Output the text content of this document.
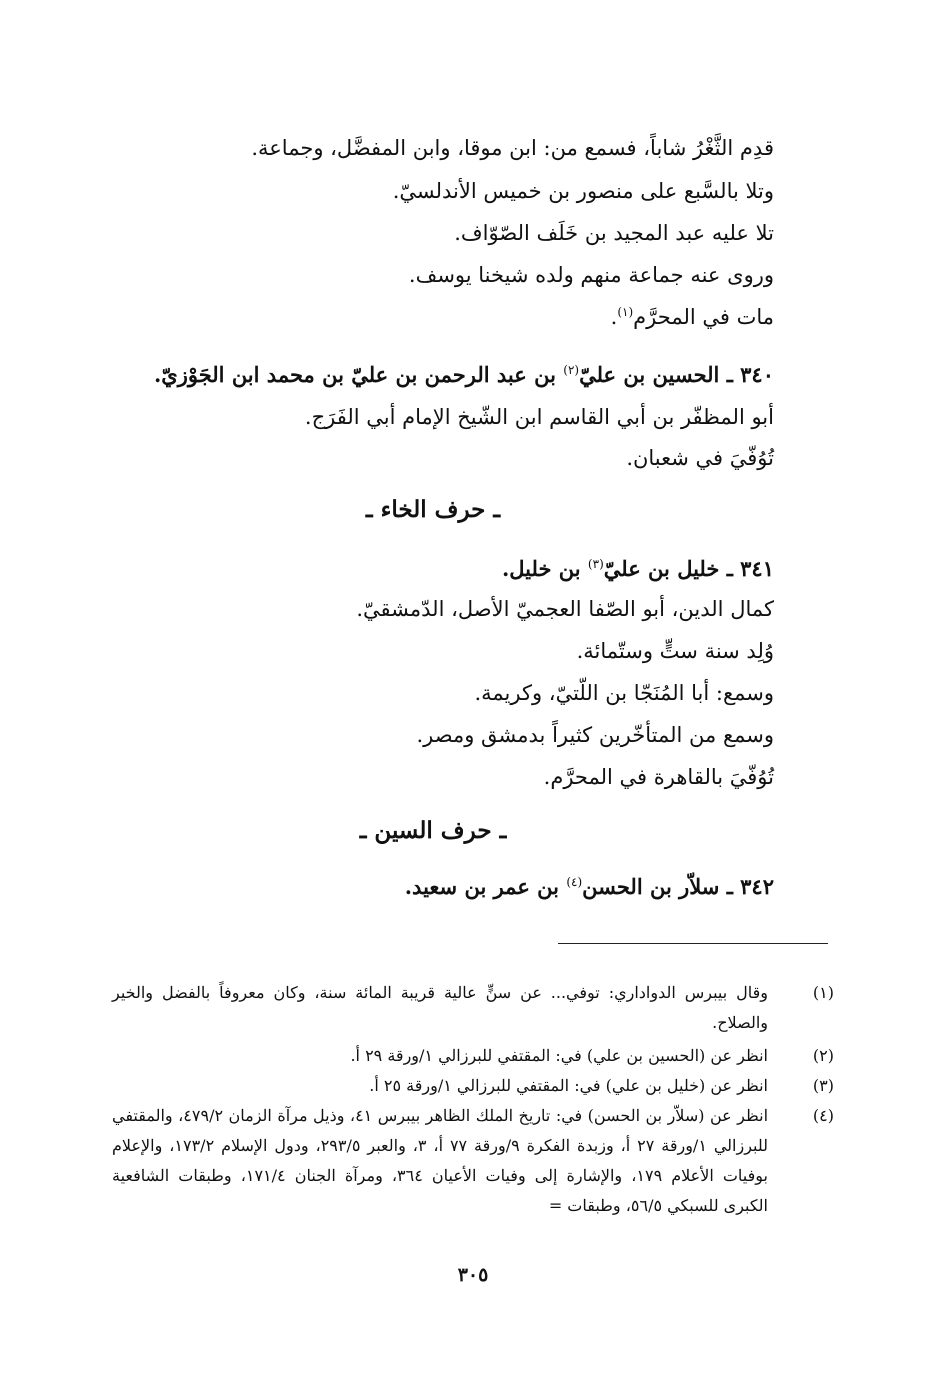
قدِم الثَّغْرُ شاباً، فسمع من: ابن موقا، وابن المفضَّل، وجماعة.

وتلا بالسَّبع على منصور بن خميس الأندلسيّ.

تلا عليه عبد المجيد بن خَلَف الصّوّاف.

وروى عنه جماعة منهم ولده شيخنا يوسف.

مات في المحرَّم$^{(١)}$.

٣٤٠ ـ الحسين بن عليّ$^{(٢)}$ بن عبد الرحمن بن عليّ بن محمد ابن الجَوْزيّ.

أبو المظفّر بن أبي القاسم ابن الشّيخ الإمام أبي الفَرَج.

تُوُفّيَ في شعبان.

ـ حرف الخاء ـ

٣٤١ ـ خليل بن عليّ$^{(٣)}$ بن خليل.

كمال الدين، أبو الصّفا العجميّ الأصل، الدّمشقيّ.

وُلِد سنة ستٍّ وستّمائة.

وسمع: أبا المُنَجّا بن اللّتيّ، وكريمة.

وسمع من المتأخّرين كثيراً بدمشق ومصر.

تُوُفّيَ بالقاهرة في المحرَّم.

ـ حرف السين ـ

٣٤٢ ـ سلاّر بن الحسن$^{(٤)}$ بن عمر بن سعيد.

(١)
وقال بيبرس الدواداري: توفي... عن سنٍّ عالية قريبة المائة سنة، وكان معروفاً بالفضل والخير والصلاح.
(٢)
انظر عن (الحسين بن علي) في: المقتفي للبرزالي ١/ورقة ٢٩ أ.
(٣)
انظر عن (خليل بن علي) في: المقتفي للبرزالي ١/ورقة ٢٥ أ.
(٤)
انظر عن (سلاّر بن الحسن) في: تاريخ الملك الظاهر بيبرس ٤١، وذيل مرآة الزمان ٤٧٩/٢، والمقتفي للبرزالي ١/ورقة ٢٧ أ، وزبدة الفكرة ٩/ورقة ٧٧ أ، ٣، والعبر ٢٩٣/٥، ودول الإسلام ١٧٣/٢، والإعلام بوفيات الأعلام ١٧٩، والإشارة إلى وفيات الأعيان ٣٦٤، ومرآة الجنان ١٧١/٤، وطبقات الشافعية الكبرى للسبكي ٥٦/٥، وطبقات =
٣٠٥
